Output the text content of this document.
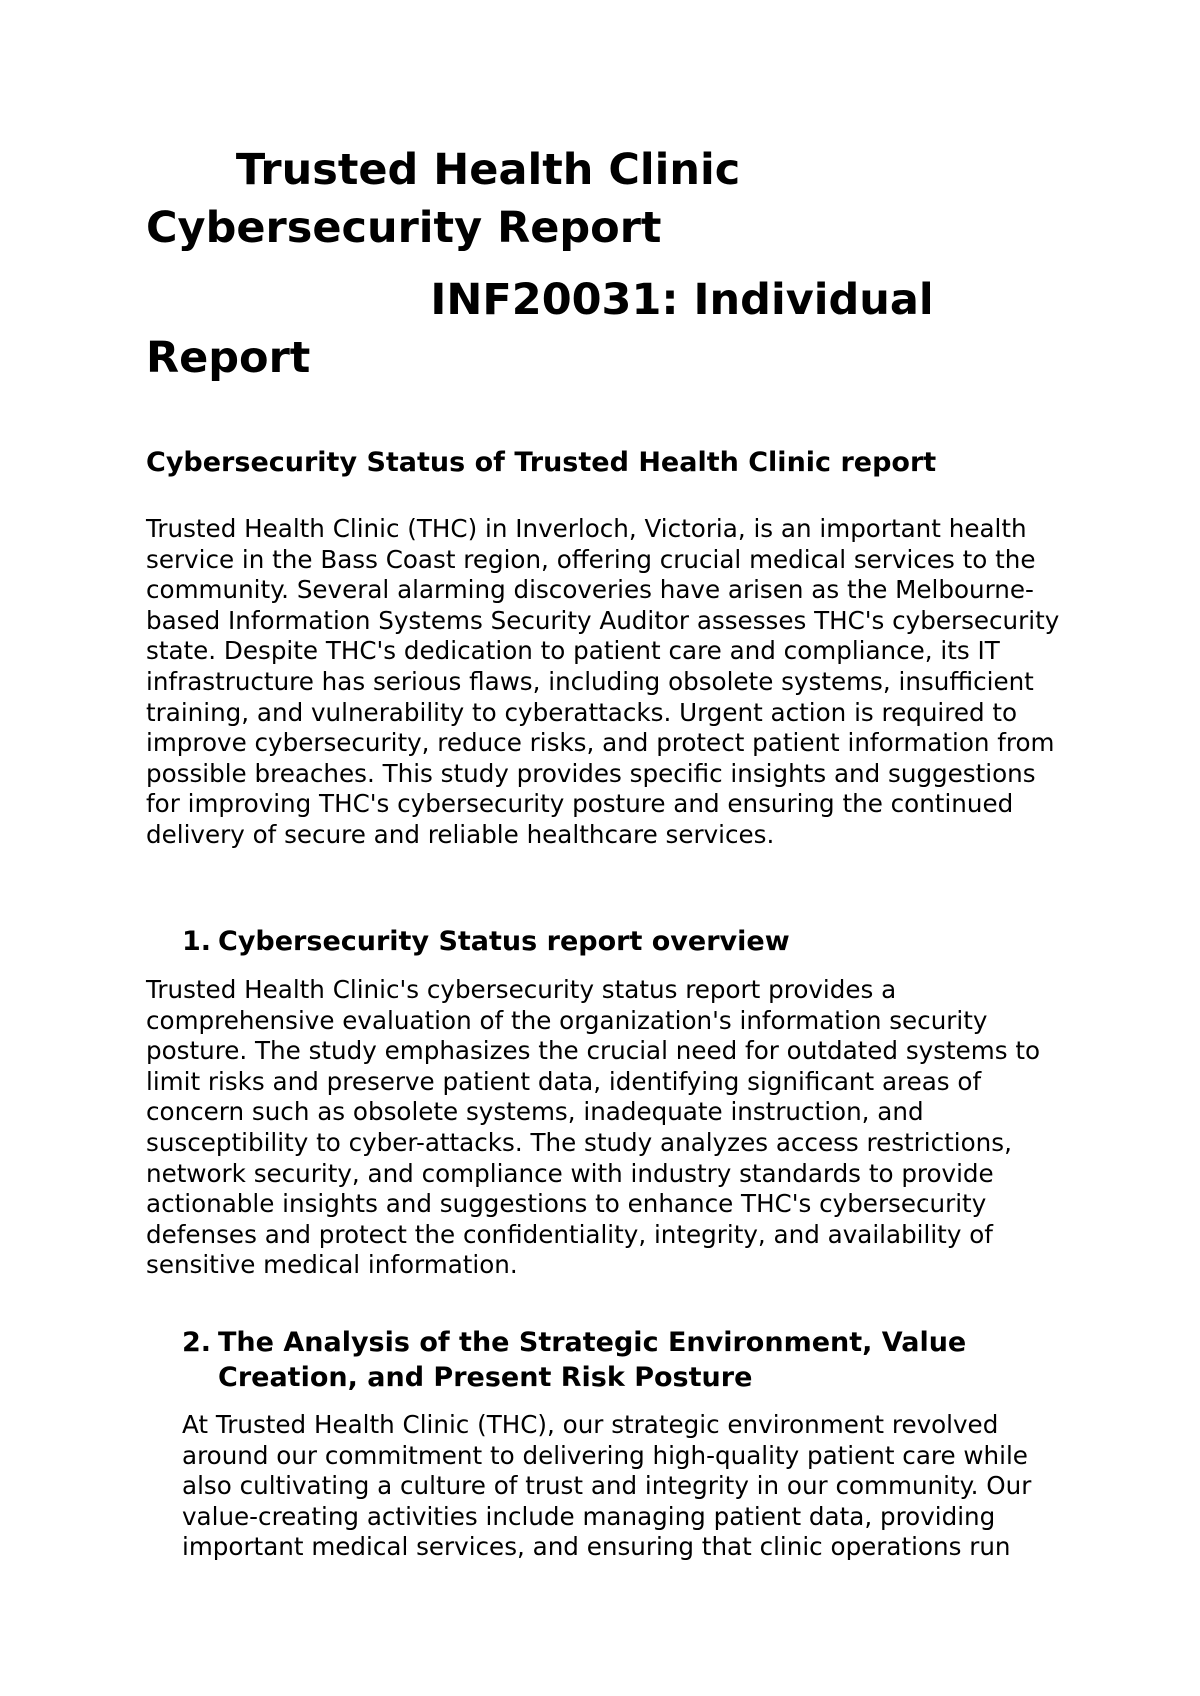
Trusted Health Clinic
Cybersecurity Report
INF20031: Individual
Report
Cybersecurity Status of Trusted Health Clinic report

Trusted Health Clinic (THC) in Inverloch, Victoria, is an important health service in the Bass Coast region, offering crucial medical services to the community. Several alarming discoveries have arisen as the Melbourne-based Information Systems Security Auditor assesses THC's cybersecurity state. Despite THC's dedication to patient care and compliance, its IT infrastructure has serious flaws, including obsolete systems, insufficient training, and vulnerability to cyberattacks. Urgent action is required to improve cybersecurity, reduce risks, and protect patient information from possible breaches. This study provides specific insights and suggestions for improving THC's cybersecurity posture and ensuring the continued delivery of secure and reliable healthcare services.

1. Cybersecurity Status report overview

Trusted Health Clinic's cybersecurity status report provides a comprehensive evaluation of the organization's information security posture. The study emphasizes the crucial need for outdated systems to limit risks and preserve patient data, identifying significant areas of concern such as obsolete systems, inadequate instruction, and susceptibility to cyber-attacks. The study analyzes access restrictions, network security, and compliance with industry standards to provide actionable insights and suggestions to enhance THC's cybersecurity defenses and protect the confidentiality, integrity, and availability of sensitive medical information.

2. The Analysis of the Strategic Environment, Value Creation, and Present Risk Posture

At Trusted Health Clinic (THC), our strategic environment revolved around our commitment to delivering high-quality patient care while also cultivating a culture of trust and integrity in our community. Our value-creating activities include managing patient data, providing important medical services, and ensuring that clinic operations run
